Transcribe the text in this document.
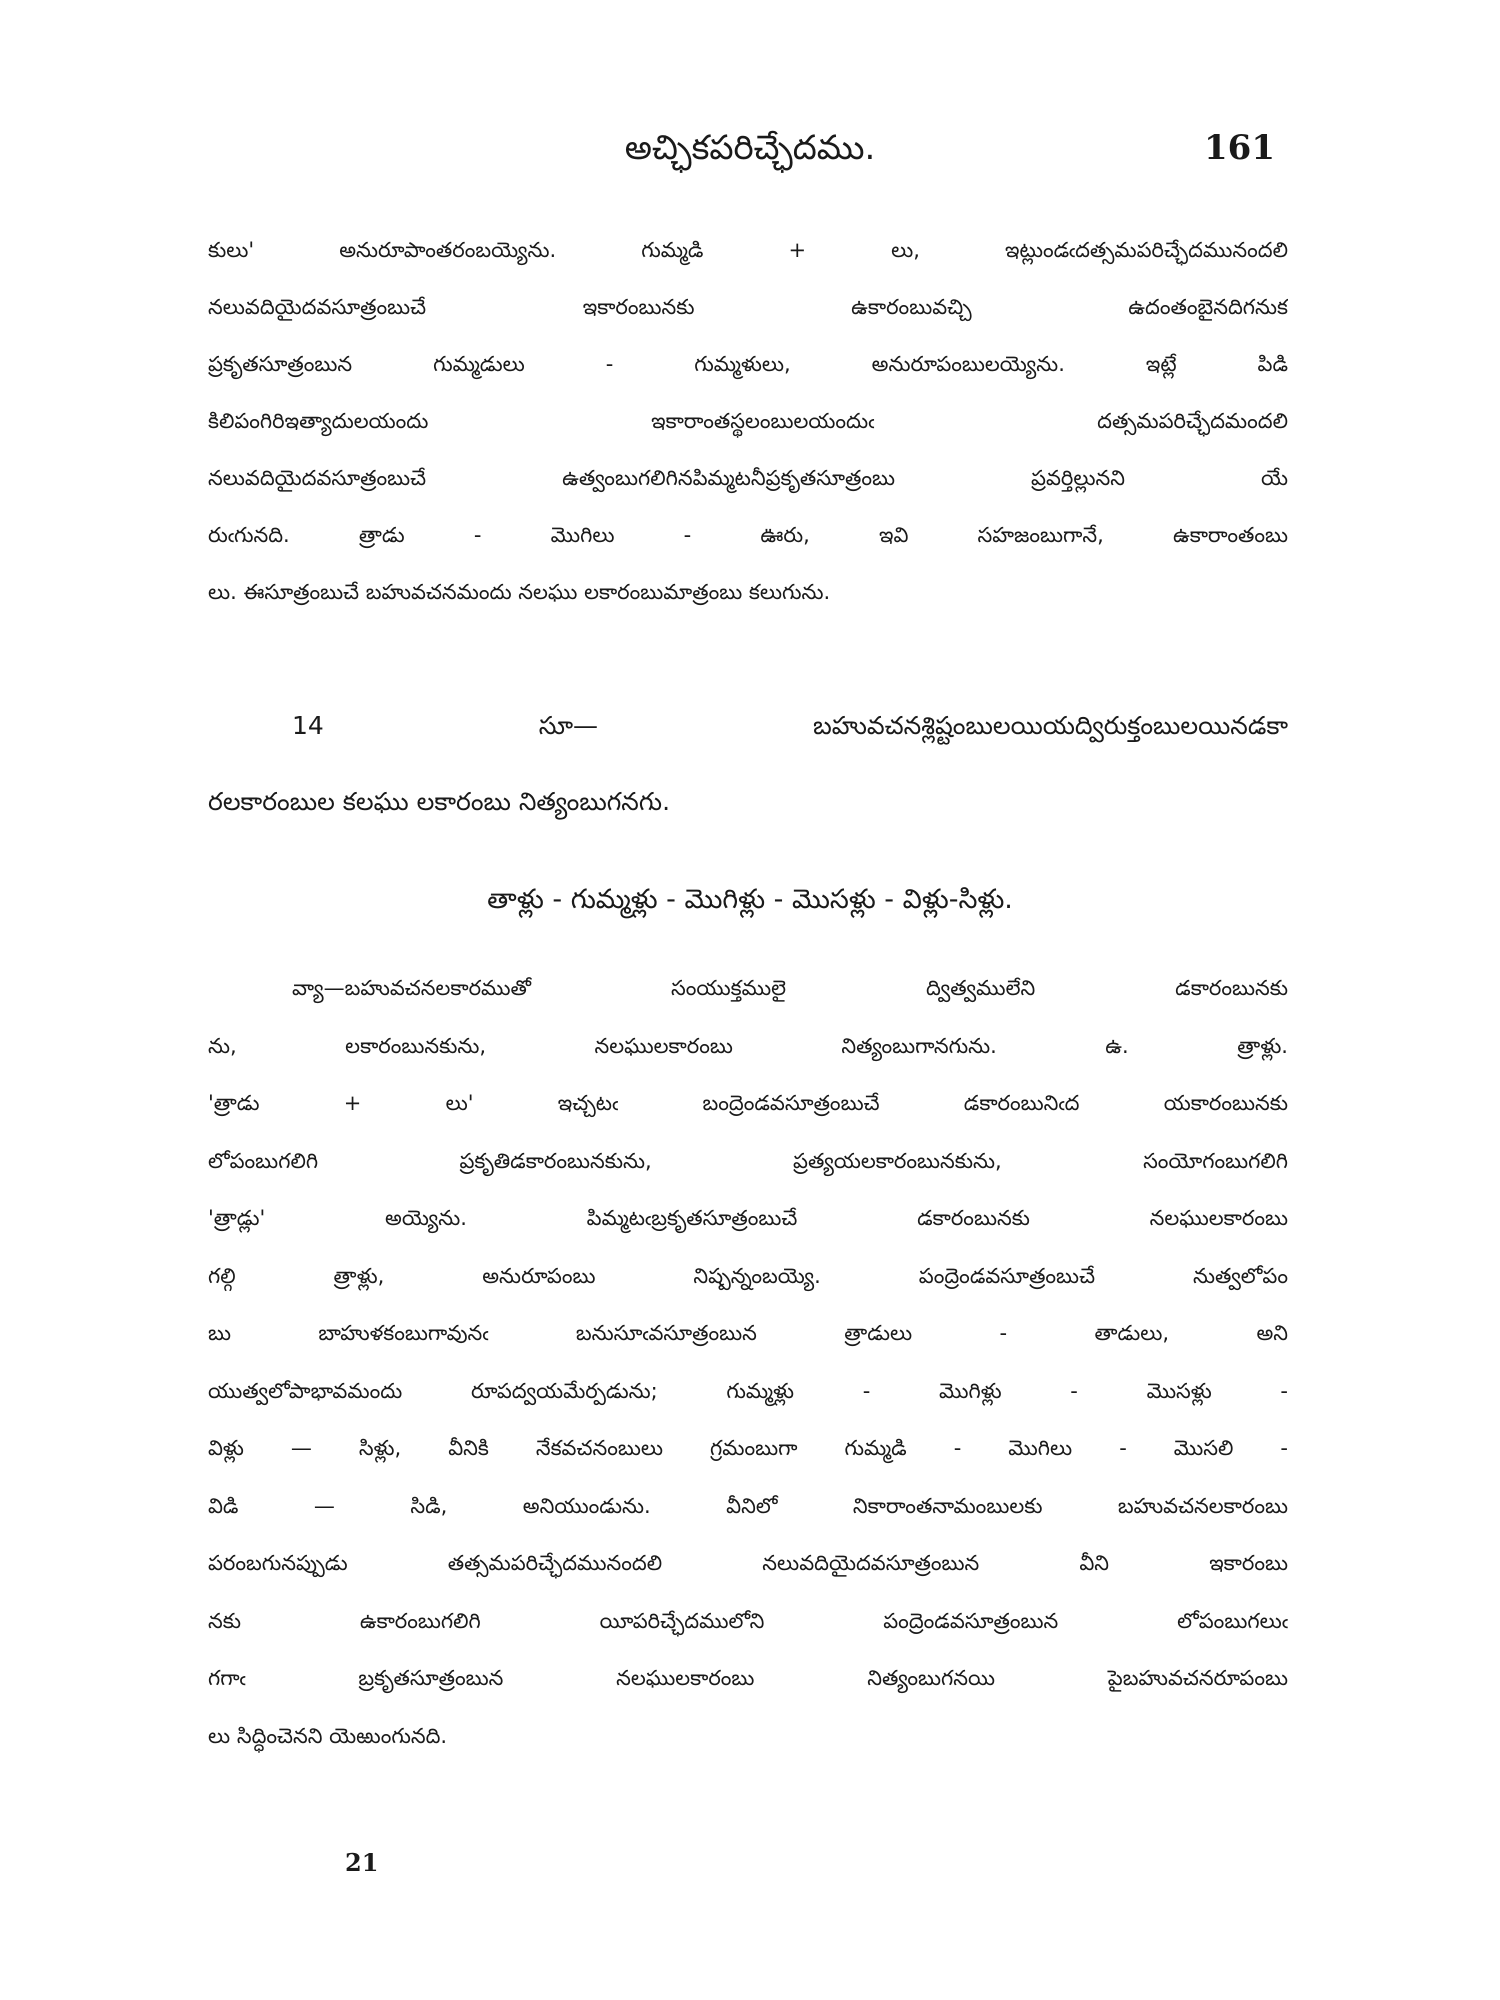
అచ్ఛికపరిచ్ఛేదము.	161
కులు' అనురూపాంతరంబయ్యెను. గుమ్మడి + లు, ఇట్లుండఁదత్సమపరిచ్ఛేదమునందలి
నలువదియైదవసూత్రంబుచే ఇకారంబునకు ఉకారంబువచ్చి ఉదంతంబైనదిగనుక
ప్రకృతసూత్రంబున గుమ్మడులు - గుమ్మళులు, అనురూపంబులయ్యెను. ఇట్లే పిడి
కిలిపంగిరిఇత్యాదులయందు ఇకారాంతస్థలంబులయందుఁ దత్సమపరిచ్ఛేదమందలి
నలువదియైదవసూత్రంబుచే ఉత్వంబుగలిగినపిమ్మటనీప్రకృతసూత్రంబు ప్రవర్తిల్లునని యే
రుఁగునది. త్రాడు - మొగిలు - ఊరు, ఇవి సహజంబుగానే, ఉకారాంతంబు
లు. ఈసూత్రంబుచే బహువచనమందు నలఘు లకారంబుమాత్రంబు కలుగును.
14 సూ— బహువచనశ్లిష్టంబులయియద్విరుక్తంబులయినడకా
రలకారంబుల కలఘు లకారంబు నిత్యంబుగనగు.
తాళ్లు - గుమ్మళ్లు - మొగిళ్లు - మొసళ్లు - విళ్లు-సిళ్లు.
వ్యా—బహువచనలకారముతో సంయుక్తములై ద్విత్వములేని డకారంబునకు
ను, లకారంబునకును, నలఘులకారంబు నిత్యంబుగానగును. ఉ. త్రాళ్లు.
'త్రాడు + లు' ఇచ్చటఁ బంద్రెండవసూత్రంబుచే డకారంబునిఁద యకారంబునకు
లోపంబుగలిగి ప్రకృతిడకారంబునకును, ప్రత్యయలకారంబునకును, సంయోగంబుగలిగి
'త్రాడ్లు' అయ్యెను. పిమ్మటఁబ్రకృతసూత్రంబుచే డకారంబునకు నలఘులకారంబు
గల్గి త్రాళ్లు, అనురూపంబు నిష్పన్నంబయ్యె. పంద్రెండవసూత్రంబుచే నుత్వలోపం
బు బాహుళకంబుగావునఁ బనుసూఁవసూత్రంబున త్రాడులు - తాడులు, అని
యుత్వలోపాభావమందు రూపద్వయమేర్పడును; గుమ్మళ్లు - మొగిళ్లు - మొసళ్లు -
విళ్లు — సిళ్లు, వీనికి నేకవచనంబులు గ్రమంబుగా గుమ్మడి - మొగిలు - మొసలి -
విడి — సిడి, అనియుండును. వీనిలో నికారాంతనామంబులకు బహువచనలకారంబు
పరంబగునప్పుడు తత్సమపరిచ్ఛేదమునందలి నలువదియైదవసూత్రంబున వీని ఇకారంబు
నకు ఉకారంబుగలిగి యీపరిచ్ఛేదములోని పంద్రెండవసూత్రంబున లోపంబుగలుఁ
గగాఁ బ్రకృతసూత్రంబున నలఘులకారంబు నిత్యంబుగనయి పైబహువచనరూపంబు
లు సిద్ధించెనని యెఱుంగునది.
21
